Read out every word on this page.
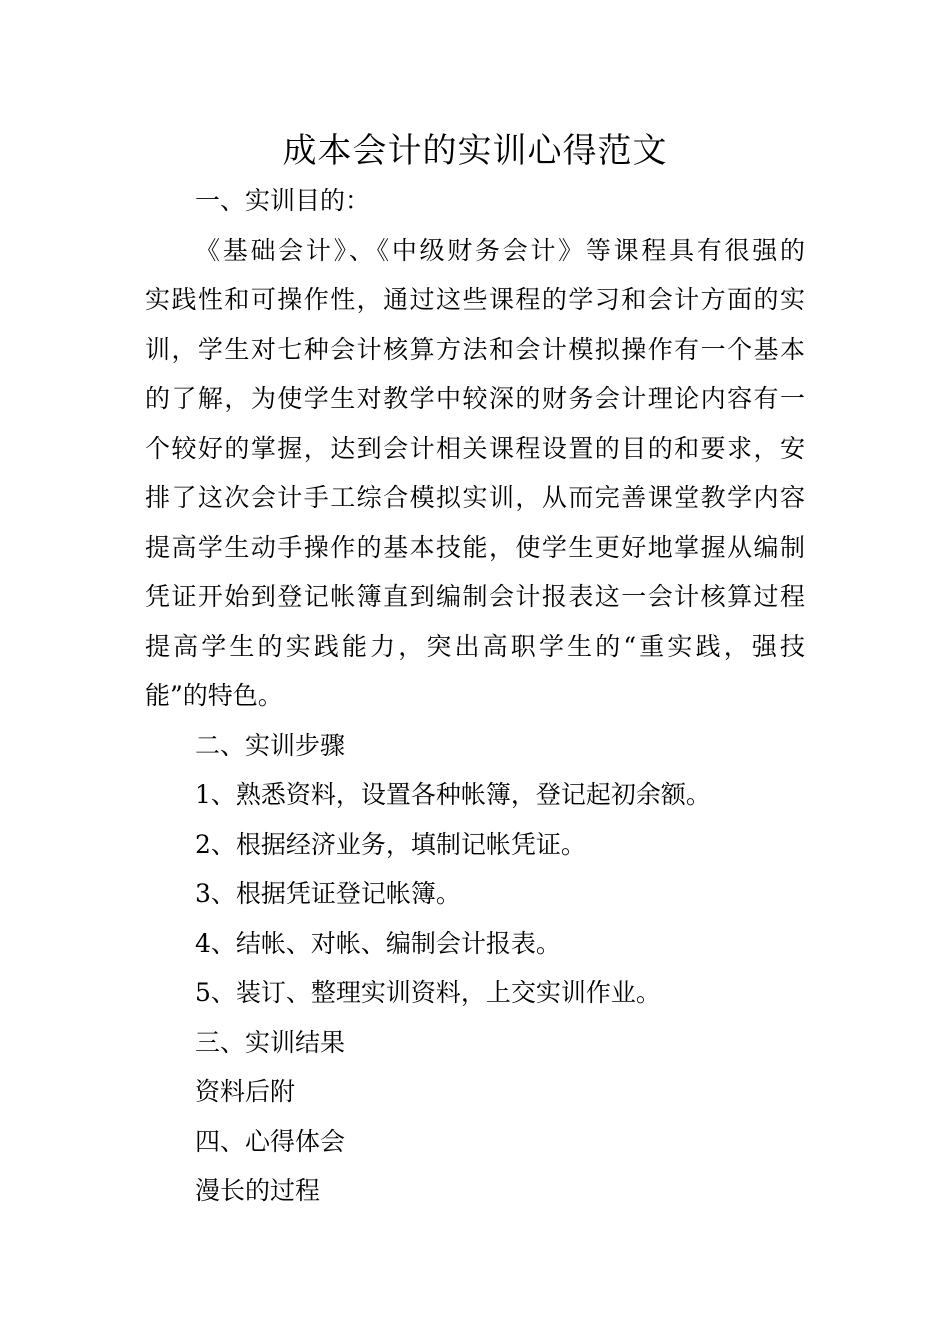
成本会计的实训心得范文
一、实训目的：
《基础会计》、《中级财务会计》等课程具有很强的
实践性和可操作性，通过这些课程的学习和会计方面的实
训，学生对七种会计核算方法和会计模拟操作有一个基本
的了解，为使学生对教学中较深的财务会计理论内容有一
个较好的掌握，达到会计相关课程设置的目的和要求，安
排了这次会计手工综合模拟实训，从而完善课堂教学内容
提高学生动手操作的基本技能，使学生更好地掌握从编制
凭证开始到登记帐簿直到编制会计报表这一会计核算过程
提高学生的实践能力，突出高职学生的“重实践，强技
能”的特色。
二、实训步骤
1、熟悉资料，设置各种帐簿，登记起初余额。
2、根据经济业务，填制记帐凭证。
3、根据凭证登记帐簿。
4、结帐、对帐、编制会计报表。
5、装订、整理实训资料，上交实训作业。
三、实训结果
资料后附
四、心得体会
漫长的过程
